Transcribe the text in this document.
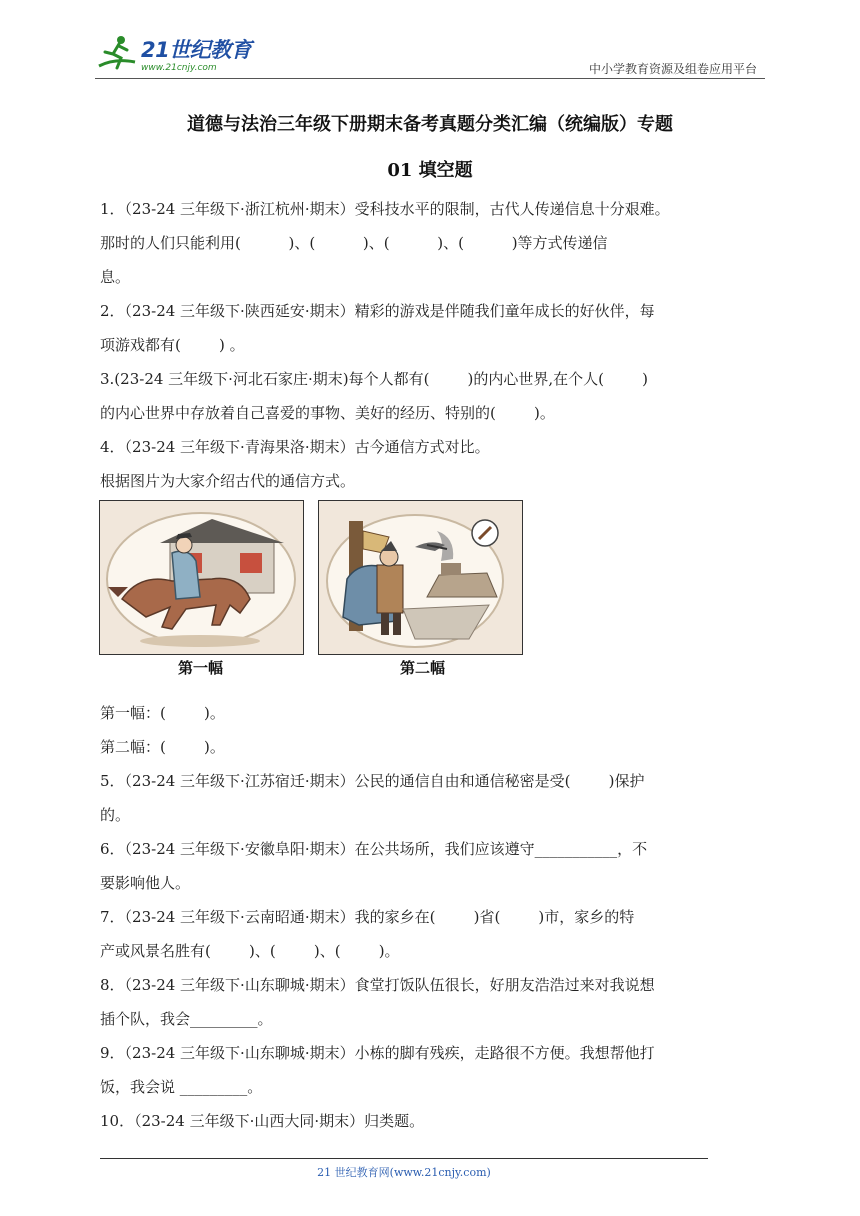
21世纪教育
www.21cnjy.com	中小学教育资源及组卷应用平台
道德与法治三年级下册期末备考真题分类汇编（统编版）专题
01 填空题
1．（23-24 三年级下·浙江杭州·期末）受科技水平的限制，古代人传递信息十分艰难。
那时的人们只能利用(          )、(          )、(          )、(          )等方式传递信
息。
2．（23-24 三年级下·陕西延安·期末）精彩的游戏是伴随我们童年成长的好伙伴，每
项游戏都有(        ) 。
3.(23-24 三年级下·河北石家庄·期末)每个人都有(        )的内心世界,在个人(        )
的内心世界中存放着自己喜爱的事物、美好的经历、特别的(        )。
4．（23-24 三年级下·青海果洛·期末）古今通信方式对比。
根据图片为大家介绍古代的通信方式。
第一幅	第二幅
第一幅：(        )。
第二幅：(        )。
5．（23-24 三年级下·江苏宿迁·期末）公民的通信自由和通信秘密是受(        )保护
的。
6．（23-24 三年级下·安徽阜阳·期末）在公共场所，我们应该遵守___________，不
要影响他人。
7．（23-24 三年级下·云南昭通·期末）我的家乡在(        )省(        )市，家乡的特
产或风景名胜有(        )、(        )、(        )。
8．（23-24 三年级下·山东聊城·期末）食堂打饭队伍很长，好朋友浩浩过来对我说想
插个队，我会_________。
9．（23-24 三年级下·山东聊城·期末）小栋的脚有残疾，走路很不方便。我想帮他打
饭，我会说 _________。
10．（23-24 三年级下·山西大同·期末）归类题。
21 世纪教育网(www.21cnjy.com)
